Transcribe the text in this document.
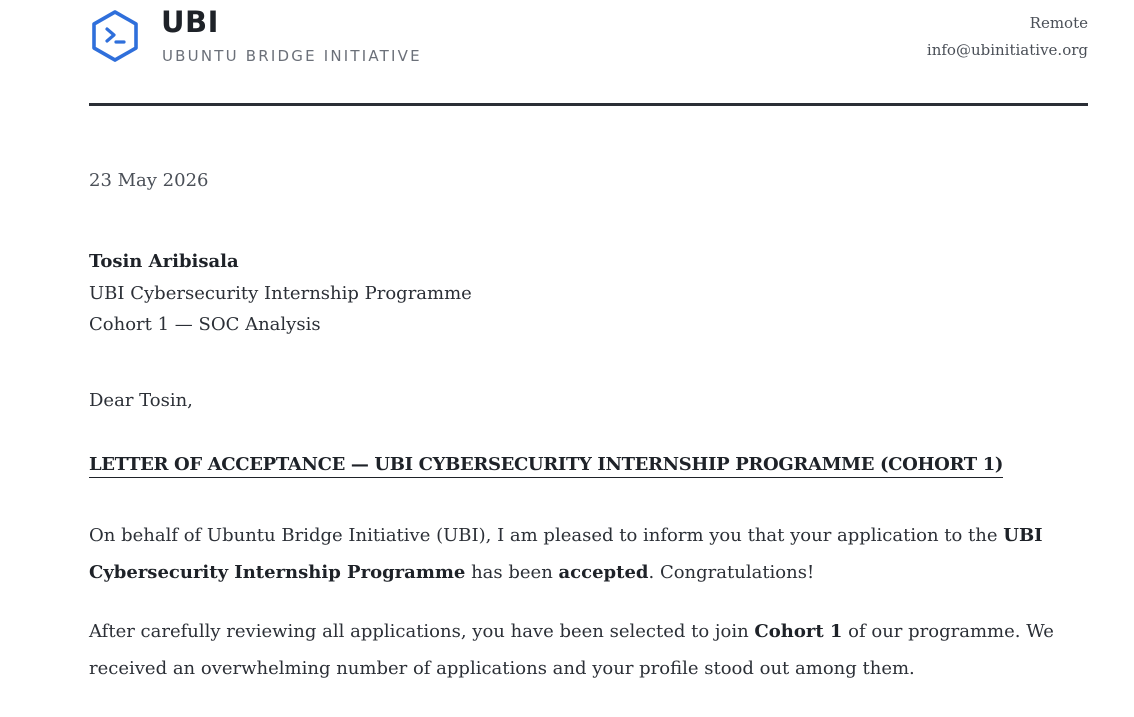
UBI
UBUNTU BRIDGE INITIATIVE
Remote
info@ubinitiative.org
23 May 2026
Tosin Aribisala
UBI Cybersecurity Internship Programme
Cohort 1 — SOC Analysis
Dear Tosin,
LETTER OF ACCEPTANCE — UBI CYBERSECURITY INTERNSHIP PROGRAMME (COHORT 1)
On behalf of Ubuntu Bridge Initiative (UBI), I am pleased to inform you that your application to the UBI Cybersecurity Internship Programme has been accepted. Congratulations!
After carefully reviewing all applications, you have been selected to join Cohort 1 of our programme. We received an overwhelming number of applications and your profile stood out among them.
